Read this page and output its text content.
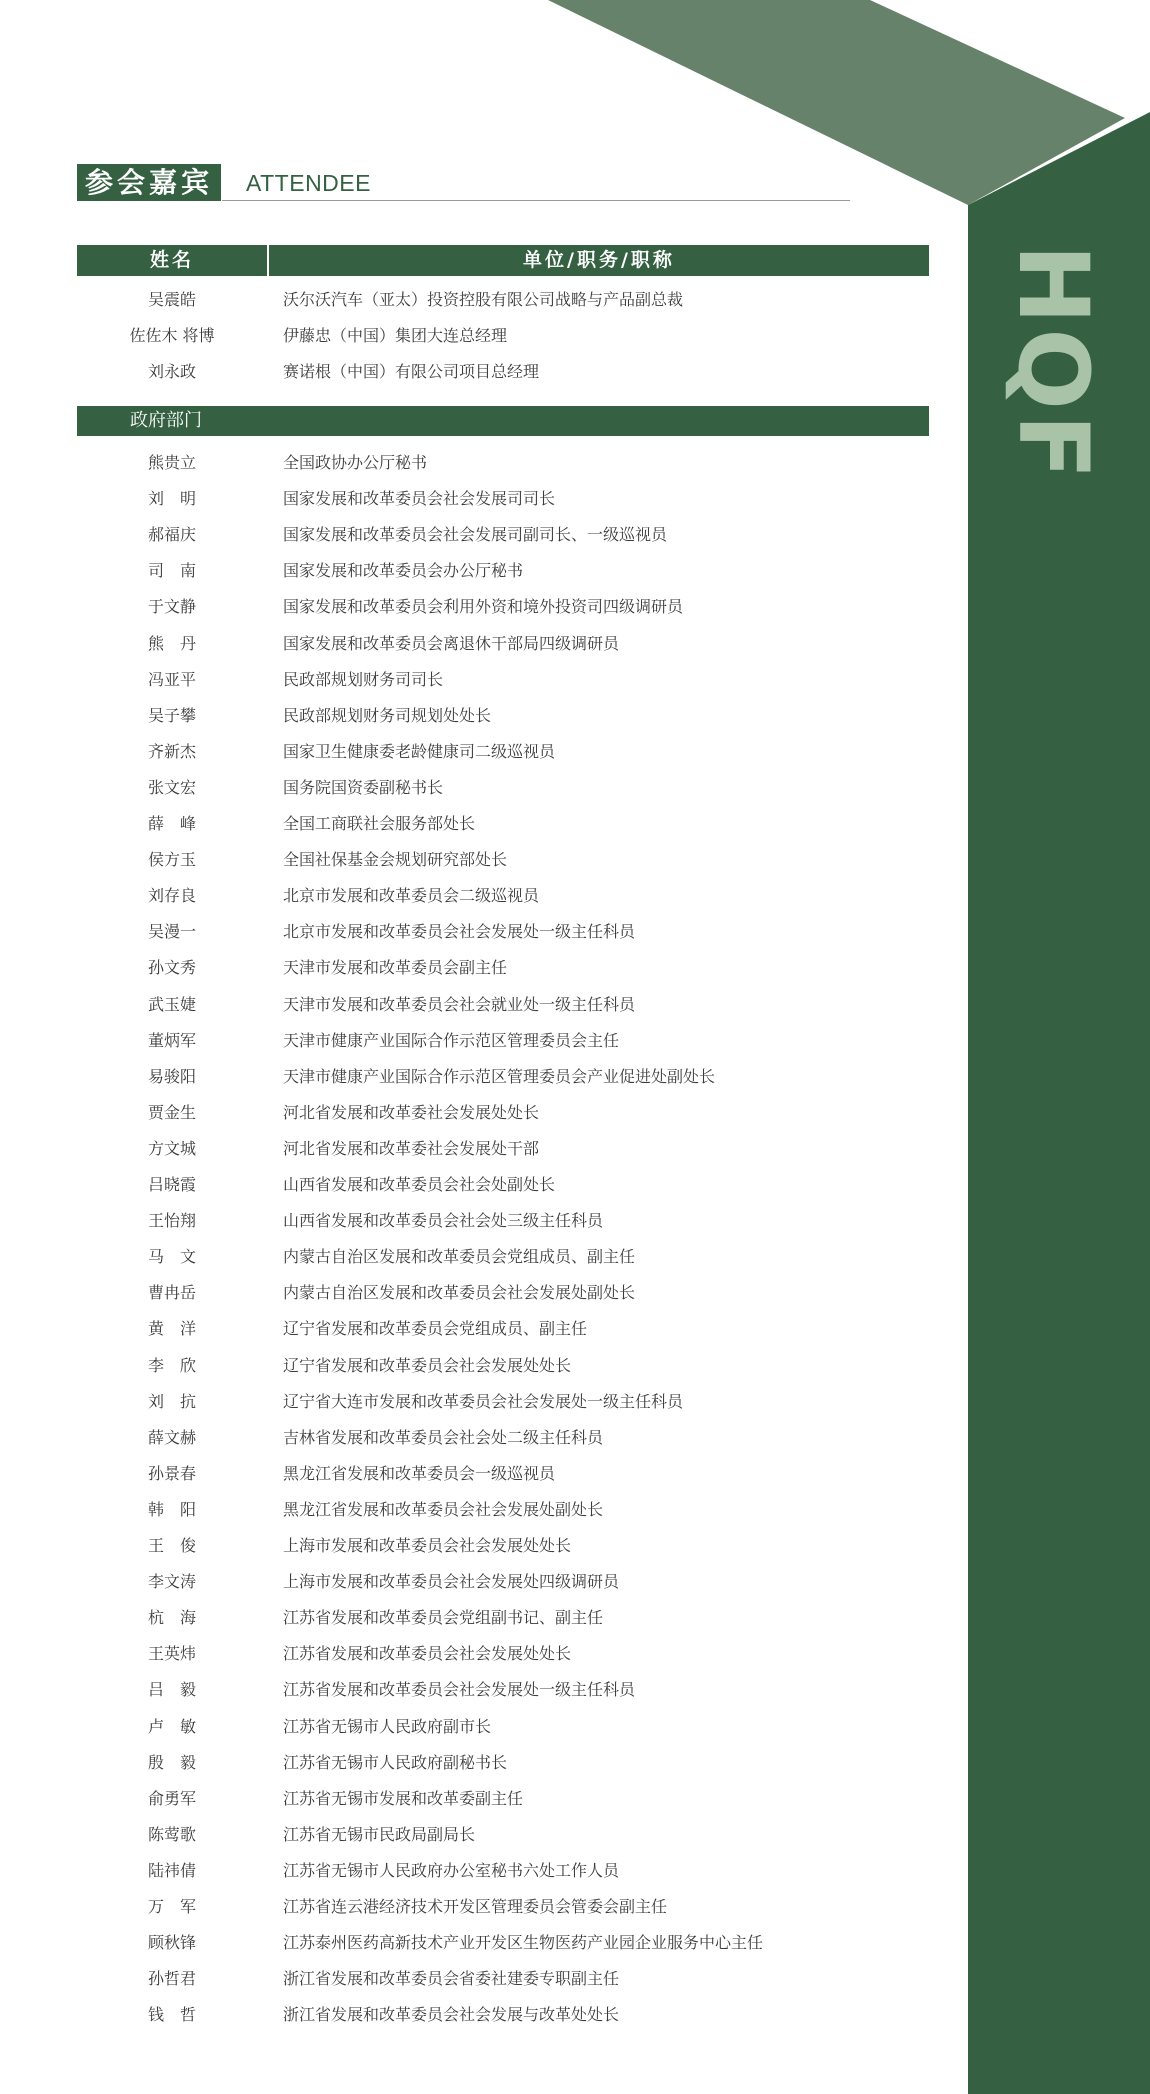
HQF
参会嘉宾	ATTENDEE
姓名	单位/职务/职称
吴震皓	沃尔沃汽车（亚太）投资控股有限公司战略与产品副总裁
佐佐木 将博	伊藤忠（中国）集团大连总经理
刘永政	赛诺根（中国）有限公司项目总经理
政府部门
熊贵立	全国政协办公厅秘书
刘　明	国家发展和改革委员会社会发展司司长
郝福庆	国家发展和改革委员会社会发展司副司长、一级巡视员
司　南	国家发展和改革委员会办公厅秘书
于文静	国家发展和改革委员会利用外资和境外投资司四级调研员
熊　丹	国家发展和改革委员会离退休干部局四级调研员
冯亚平	民政部规划财务司司长
吴子攀	民政部规划财务司规划处处长
齐新杰	国家卫生健康委老龄健康司二级巡视员
张文宏	国务院国资委副秘书长
薛　峰	全国工商联社会服务部处长
侯方玉	全国社保基金会规划研究部处长
刘存良	北京市发展和改革委员会二级巡视员
吴漫一	北京市发展和改革委员会社会发展处一级主任科员
孙文秀	天津市发展和改革委员会副主任
武玉婕	天津市发展和改革委员会社会就业处一级主任科员
董炳军	天津市健康产业国际合作示范区管理委员会主任
易骏阳	天津市健康产业国际合作示范区管理委员会产业促进处副处长
贾金生	河北省发展和改革委社会发展处处长
方文城	河北省发展和改革委社会发展处干部
吕晓霞	山西省发展和改革委员会社会处副处长
王怡翔	山西省发展和改革委员会社会处三级主任科员
马　文	内蒙古自治区发展和改革委员会党组成员、副主任
曹冉岳	内蒙古自治区发展和改革委员会社会发展处副处长
黄　洋	辽宁省发展和改革委员会党组成员、副主任
李　欣	辽宁省发展和改革委员会社会发展处处长
刘　抗	辽宁省大连市发展和改革委员会社会发展处一级主任科员
薛文赫	吉林省发展和改革委员会社会处二级主任科员
孙景春	黑龙江省发展和改革委员会一级巡视员
韩　阳	黑龙江省发展和改革委员会社会发展处副处长
王　俊	上海市发展和改革委员会社会发展处处长
李文涛	上海市发展和改革委员会社会发展处四级调研员
杭　海	江苏省发展和改革委员会党组副书记、副主任
王英炜	江苏省发展和改革委员会社会发展处处长
吕　毅	江苏省发展和改革委员会社会发展处一级主任科员
卢　敏	江苏省无锡市人民政府副市长
殷　毅	江苏省无锡市人民政府副秘书长
俞勇军	江苏省无锡市发展和改革委副主任
陈莺歌	江苏省无锡市民政局副局长
陆祎倩	江苏省无锡市人民政府办公室秘书六处工作人员
万　军	江苏省连云港经济技术开发区管理委员会管委会副主任
顾秋锋	江苏泰州医药高新技术产业开发区生物医药产业园企业服务中心主任
孙哲君	浙江省发展和改革委员会省委社建委专职副主任
钱　哲	浙江省发展和改革委员会社会发展与改革处处长
